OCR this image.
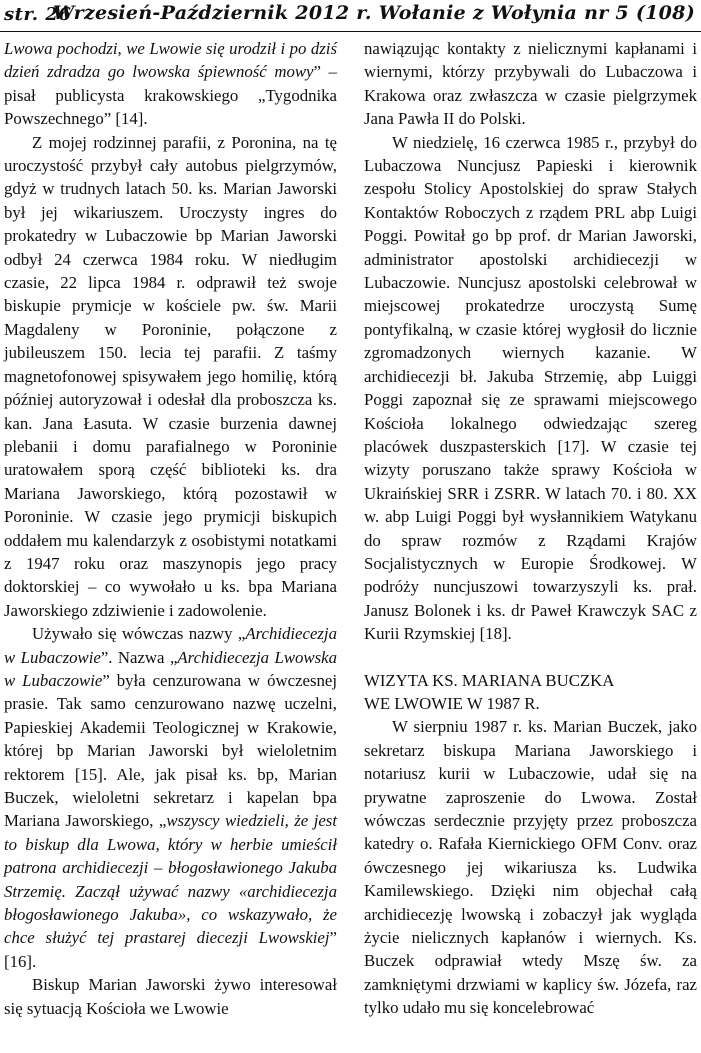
str. 26
Wrzesień-Październik 2012 r. Wołanie z Wołynia nr 5 (108)

Lwowa pochodzi, we Lwowie się urodził i po dziś dzień zdradza go lwowska śpiewność mowy” – pisał publicysta krakowskiego „Tygodnika Powszechnego” [14].

Z mojej rodzinnej parafii, z Poronina, na tę uroczystość przybył cały autobus pielgrzymów, gdyż w trudnych latach 50. ks. Marian Jaworski był jej wikariuszem. Uroczysty ingres do prokatedry w Lubaczowie bp Marian Jaworski odbył 24 czerwca 1984 roku. W niedługim czasie, 22 lipca 1984 r. odprawił też swoje biskupie prymicje w kościele pw. św. Marii Magdaleny w Poroninie, połączone z jubileuszem 150. lecia tej parafii. Z taśmy magnetofonowej spisywałem jego homilię, którą później autoryzował i odesłał dla proboszcza ks. kan. Jana Łasuta. W czasie burzenia dawnej plebanii i domu parafialnego w Poroninie uratowałem sporą część biblioteki ks. dra Mariana Jaworskiego, którą pozostawił w Poroninie. W czasie jego prymicji biskupich oddałem mu kalendarzyk z osobistymi notatkami z 1947 roku oraz maszynopis jego pracy doktorskiej – co wywołało u ks. bpa Mariana Jaworskiego zdziwienie i zadowolenie.

Używało się wówczas nazwy „Archidiecezja w Lubaczowie”. Nazwa „Archidiecezja Lwowska w Lubaczowie” była cenzurowana w ówczesnej prasie. Tak samo cenzurowano nazwę uczelni, Papieskiej Akademii Teologicznej w Krakowie, której bp Marian Jaworski był wieloletnim rektorem [15]. Ale, jak pisał ks. bp, Marian Buczek, wieloletni sekretarz i kapelan bpa Mariana Jaworskiego, „wszyscy wiedzieli, że jest to biskup dla Lwowa, który w herbie umieścił patrona archidiecezji – błogosławionego Jakuba Strzemię. Zaczął używać nazwy «archidiecezja błogosławionego Jakuba», co wskazywało, że chce służyć tej prastarej diecezji Lwowskiej” [16].

Biskup Marian Jaworski żywo interesował się sytuacją Kościoła we Lwowie

nawiązując kontakty z nielicznymi kapłanami i wiernymi, którzy przybywali do Lubaczowa i Krakowa oraz zwłaszcza w czasie pielgrzymek Jana Pawła II do Polski.

W niedzielę, 16 czerwca 1985 r., przybył do Lubaczowa Nuncjusz Papieski i kierownik zespołu Stolicy Apostolskiej do spraw Stałych Kontaktów Roboczych z rządem PRL abp Luigi Poggi. Powitał go bp prof. dr Marian Jaworski, administrator apostolski archidiecezji w Lubaczowie. Nuncjusz apostolski celebrował w miejscowej prokatedrze uroczystą Sumę pontyfikalną, w czasie której wygłosił do licznie zgromadzonych wiernych kazanie. W archidiecezji bł. Jakuba Strzemię, abp Luiggi Poggi zapoznał się ze sprawami miejscowego Kościoła lokalnego odwiedzając szereg placówek duszpasterskich [17]. W czasie tej wizyty poruszano także sprawy Kościoła w Ukraińskiej SRR i ZSRR. W latach 70. i 80. XX w. abp Luigi Poggi był wysłannikiem Watykanu do spraw rozmów z Rządami Krajów Socjalistycznych w Europie Środkowej. W podróży nuncjuszowi towarzyszyli ks. prał. Janusz Bolonek i ks. dr Paweł Krawczyk SAC z Kurii Rzymskiej [18].

WIZYTA KS. MARIANA BUCZKA
WE LWOWIE W 1987 R.

W sierpniu 1987 r. ks. Marian Buczek, jako sekretarz biskupa Mariana Jaworskiego i notariusz kurii w Lubaczowie, udał się na prywatne zaproszenie do Lwowa. Został wówczas serdecznie przyjęty przez proboszcza katedry o. Rafała Kiernickiego OFM Conv. oraz ówczesnego jej wikariusza ks. Ludwika Kamilewskiego. Dzięki nim objechał całą archidiecezję lwowską i zobaczył jak wygląda życie nielicznych kapłanów i wiernych. Ks. Buczek odprawiał wtedy Mszę św. za zamkniętymi drzwiami w kaplicy św. Józefa, raz tylko udało mu się koncelebrować
